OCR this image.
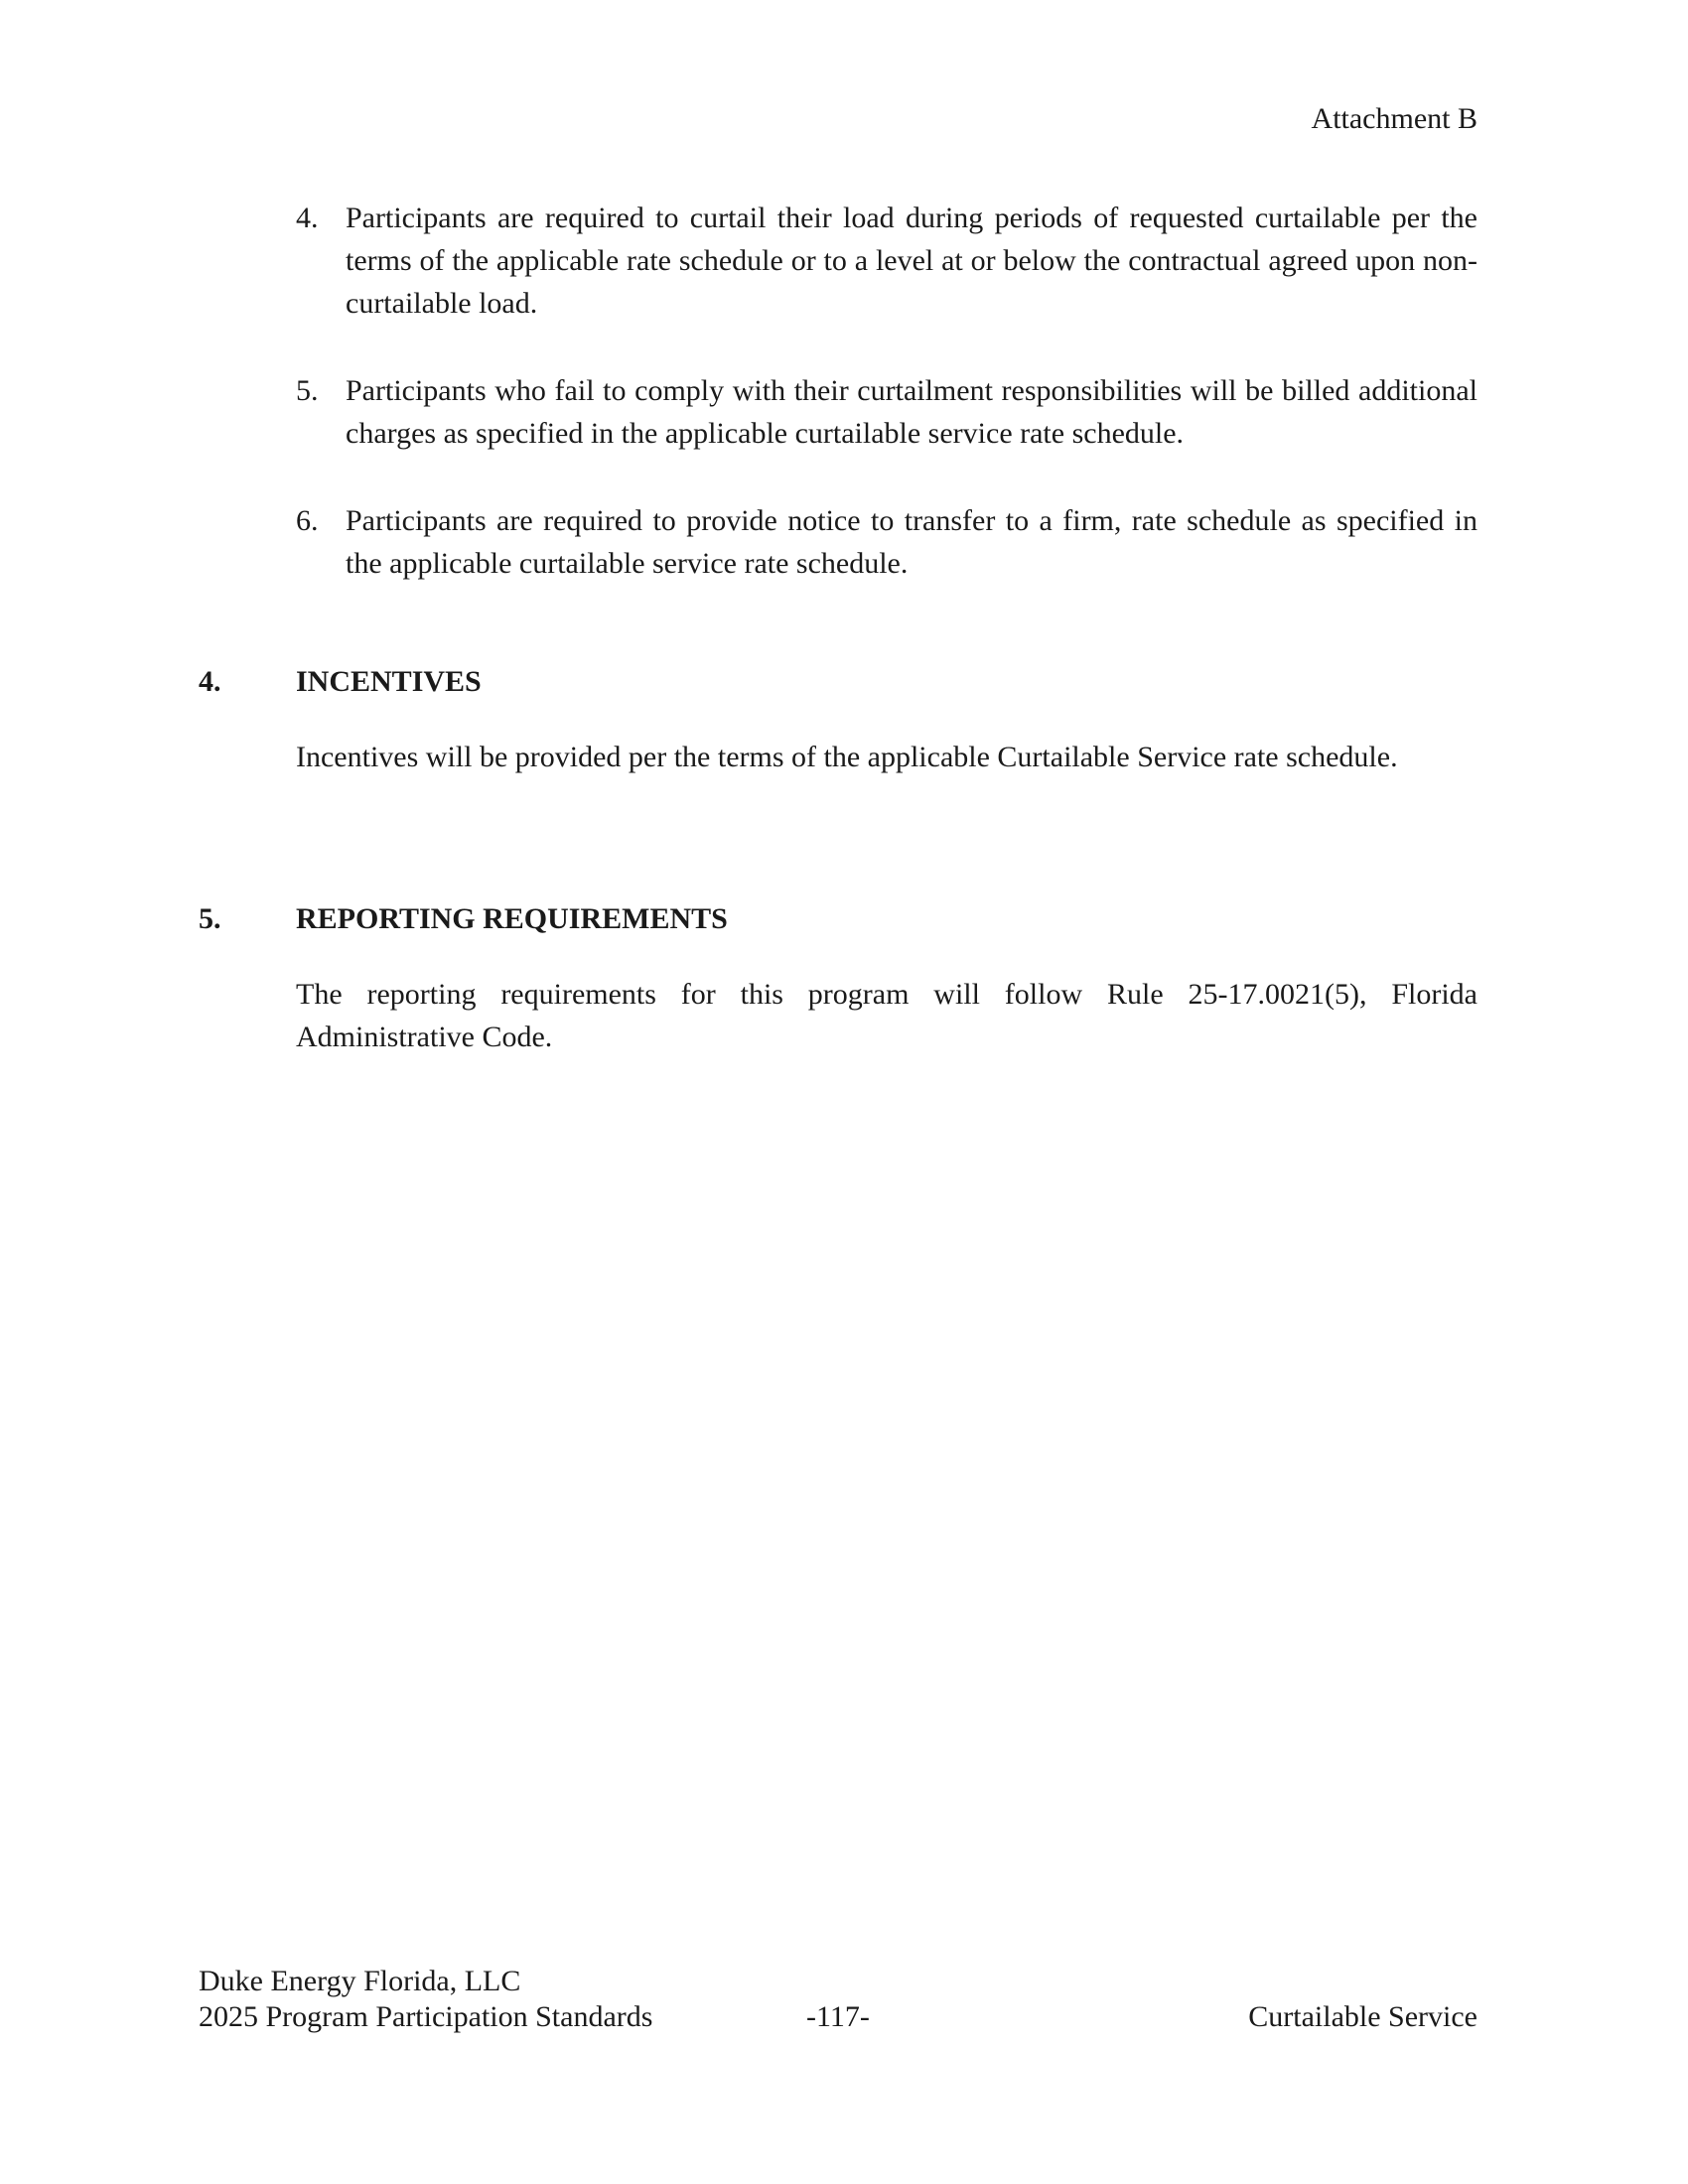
Attachment B
4. Participants are required to curtail their load during periods of requested curtailable per the terms of the applicable rate schedule or to a level at or below the contractual agreed upon non-curtailable load.
5. Participants who fail to comply with their curtailment responsibilities will be billed additional charges as specified in the applicable curtailable service rate schedule.
6. Participants are required to provide notice to transfer to a firm, rate schedule as specified in the applicable curtailable service rate schedule.
4.	INCENTIVES
Incentives will be provided per the terms of the applicable Curtailable Service rate schedule.
5.	REPORTING REQUIREMENTS
The reporting requirements for this program will follow Rule 25-17.0021(5), Florida Administrative Code.
Duke Energy Florida, LLC
2025 Program Participation Standards	-117-	Curtailable Service
